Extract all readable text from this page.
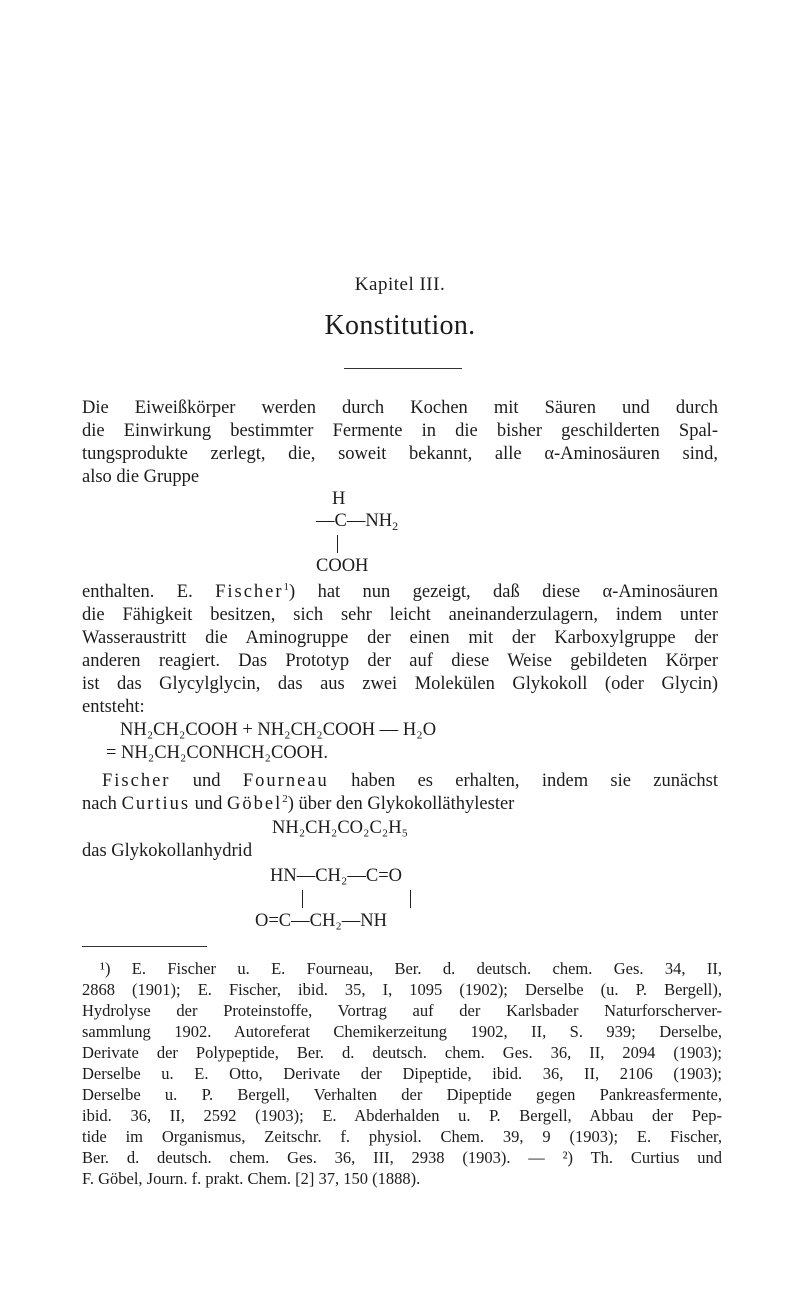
Kapitel III.
Konstitution.
Die Eiweißkörper werden durch Kochen mit Säuren und durch
die Einwirkung bestimmter Fermente in die bisher geschilderten Spal-
tungsprodukte zerlegt, die, soweit bekannt, alle α-Aminosäuren sind,
also die Gruppe
H
$—C—NH_2$
COOH
enthalten. E. Fischer$^1$) hat nun gezeigt, daß diese α-Aminosäuren
die Fähigkeit besitzen, sich sehr leicht aneinanderzulagern, indem unter
Wasseraustritt die Aminogruppe der einen mit der Karboxylgruppe der
anderen reagiert. Das Prototyp der auf diese Weise gebildeten Körper
ist das Glycylglycin, das aus zwei Molekülen Glykokoll (oder Glycin)
entsteht:
NH₂CH₂COOH + NH₂CH₂COOH — H₂O
= NH₂CH₂CONHCH₂COOH.
Fischer und Fourneau haben es erhalten, indem sie zunächst
nach Curtius und Göbel$^2$) über den Glykokolläthylester
NH₂CH₂CO₂C₂H₅
das Glykokollanhydrid
HN—CH₂—C=O
O=C—CH₂—NH
¹) E. Fischer u. E. Fourneau, Ber. d. deutsch. chem. Ges. 34, II,
2868 (1901); E. Fischer, ibid. 35, I, 1095 (1902); Derselbe (u. P. Bergell),
Hydrolyse der Proteinstoffe, Vortrag auf der Karlsbader Naturforscherver-
sammlung 1902. Autoreferat Chemikerzeitung 1902, II, S. 939; Derselbe,
Derivate der Polypeptide, Ber. d. deutsch. chem. Ges. 36, II, 2094 (1903);
Derselbe u. E. Otto, Derivate der Dipeptide, ibid. 36, II, 2106 (1903);
Derselbe u. P. Bergell, Verhalten der Dipeptide gegen Pankreasfermente,
ibid. 36, II, 2592 (1903); E. Abderhalden u. P. Bergell, Abbau der Pep-
tide im Organismus, Zeitschr. f. physiol. Chem. 39, 9 (1903); E. Fischer,
Ber. d. deutsch. chem. Ges. 36, III, 2938 (1903). — ²) Th. Curtius und
F. Göbel, Journ. f. prakt. Chem. [2] 37, 150 (1888).
